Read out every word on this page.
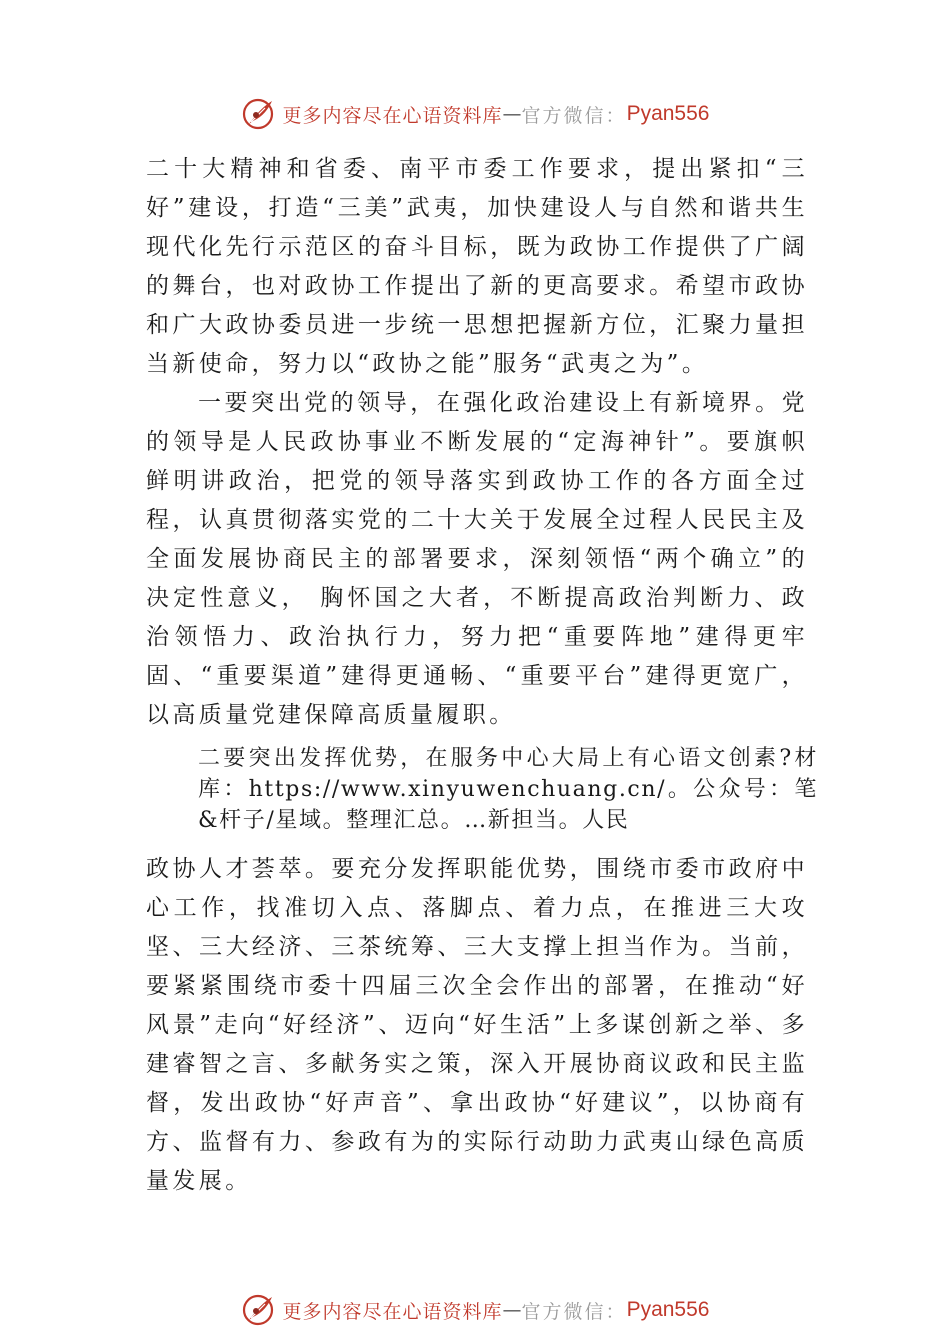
更多内容尽在心语资料库 — 官方微信： Pyan556

二十大精神和省委、南平市委工作要求，提出紧扣“三好”建设，打造“三美”武夷，加快建设人与自然和谐共生现代化先行示范区的奋斗目标，既为政协工作提供了广阔的舞台，也对政协工作提出了新的更高要求。希望市政协和广大政协委员进一步统一思想把握新方位，汇聚力量担当新使命，努力以“政协之能”服务“武夷之为”。

一要突出党的领导，在强化政治建设上有新境界。党的领导是人民政协事业不断发展的“定海神针”。要旗帜鲜明讲政治，把党的领导落实到政协工作的各方面全过程，认真贯彻落实党的二十大关于发展全过程人民民主及全面发展协商民主的部署要求，深刻领悟“两个确立”的决定性意义， 胸怀国之大者，不断提高政治判断力、政治领悟力、政治执行力，努力把“重要阵地”建得更牢固、“重要渠道”建得更通畅、“重要平台”建得更宽广，以高质量党建保障高质量履职。

二要突出发挥优势，在服务中心大局上有心语文创素?材库：https://www.xinyuwenchuang.cn/。公众号：笔&杆子/星域。整理汇总。…新担当。人民

政协人才荟萃。要充分发挥职能优势，围绕市委市政府中心工作，找准切入点、落脚点、着力点，在推进三大攻坚、三大经济、三茶统筹、三大支撑上担当作为。当前，要紧紧围绕市委十四届三次全会作出的部署，在推动“好风景”走向“好经济”、迈向“好生活”上多谋创新之举、多建睿智之言、多献务实之策，深入开展协商议政和民主监督，发出政协“好声音”、拿出政协“好建议”，以协商有方、监督有力、参政有为的实际行动助力武夷山绿色高质量发展。

更多内容尽在心语资料库 — 官方微信： Pyan556
